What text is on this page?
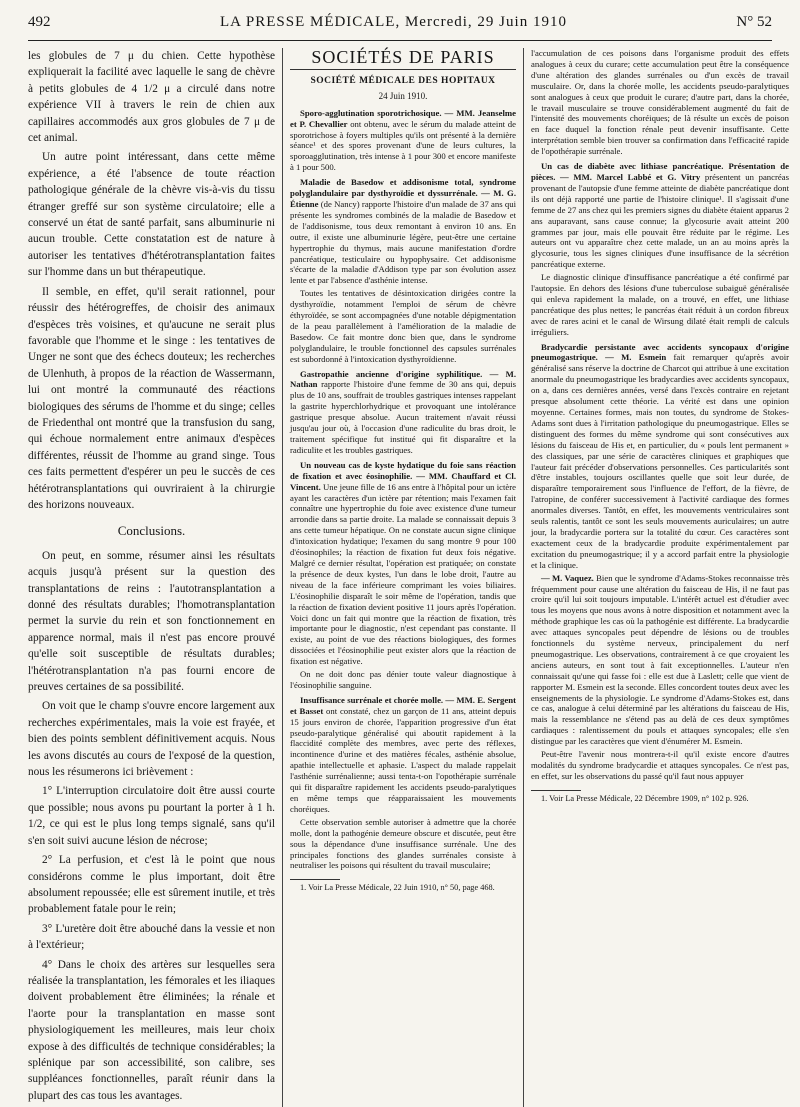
492	LA PRESSE MÉDICALE, Mercredi, 29 Juin 1910	N° 52

les globules de 7 μ du chien. Cette hypothèse expliquerait la facilité avec laquelle le sang de chèvre à petits globules de 4 1/2 μ a circulé dans notre expérience VII à travers le rein de chien aux capillaires accommodés aux gros globules de 7 μ de cet animal.

Un autre point intéressant, dans cette même expérience, a été l'absence de toute réaction pathologique générale de la chèvre vis-à-vis du tissu étranger greffé sur son système circulatoire; elle a conservé un état de santé parfait, sans albuminurie ni aucun trouble. Cette constatation est de nature à autoriser les tentatives d'hétérotransplantation faites sur l'homme dans un but thérapeutique.

Il semble, en effet, qu'il serait rationnel, pour réussir des hétérogreffes, de choisir des animaux d'espèces très voisines, et qu'aucune ne serait plus favorable que l'homme et le singe : les tentatives de Unger ne sont que des échecs douteux; les recherches de Ulenhuth, à propos de la réaction de Wassermann, lui ont montré la communauté des réactions biologiques des sérums de l'homme et du singe; celles de Friedenthal ont montré que la transfusion du sang, qui échoue normalement entre animaux d'espèces différentes, réussit de l'homme au grand singe. Tous ces faits permettent d'espérer un peu le succès de ces hétérotransplantations qui ouvriraient à la chirurgie des horizons nouveaux.

Conclusions.

On peut, en somme, résumer ainsi les résultats acquis jusqu'à présent sur la question des transplantations de reins : l'autotransplantation a donné des résultats durables; l'homotransplantation permet la survie du rein et son fonctionnement en apparence normal, mais il n'est pas encore prouvé qu'elle soit susceptible de résultats durables; l'hétérotransplantation n'a pas fourni encore de preuves certaines de sa possibilité.

On voit que le champ s'ouvre encore largement aux recherches expérimentales, mais la voie est frayée, et bien des points semblent définitivement acquis. Nous les avons discutés au cours de l'exposé de la question, nous les résumerons ici brièvement :

1° L'interruption circulatoire doit être aussi courte que possible; nous avons pu pourtant la porter à 1 h. 1/2, ce qui est le plus long temps signalé, sans qu'il s'en soit suivi aucune lésion de nécrose;

2° La perfusion, et c'est là le point que nous considérons comme le plus important, doit être absolument repoussée; elle est sûrement inutile, et très probablement fatale pour le rein;

3° L'uretère doit être abouché dans la vessie et non à l'extérieur;

4° Dans le choix des artères sur lesquelles sera réalisée la transplantation, les fémorales et les iliaques doivent probablement être éliminées; la rénale et l'aorte pour la transplantation en masse sont physiologiquement les meilleures, mais leur choix expose à des difficultés de technique considérables; la splénique par son accessibilité, son calibre, ses suppléances fonctionnelles, paraît réunir dans la plupart des cas tous les avantages.

SOCIÉTÉS DE PARIS
SOCIÉTÉ MÉDICALE DES HOPITAUX
24 Juin 1910.

Sporo-agglutination sporotrichosique. — MM. Jeanselme et P. Chevallier ont obtenu, avec le sérum du malade atteint de sporotrichose à foyers multiples qu'ils ont présenté à la dernière séance¹ et des spores provenant d'une de leurs cultures, la sporoagglutination, très intense à 1 pour 300 et encore manifeste à 1 pour 500.

Maladie de Basedow et addisonisme total, syndrome polyglandulaire par dysthyroïdie et dyssurrénale. — M. G. Étienne (de Nancy) rapporte l'histoire d'un malade de 37 ans qui présente les syndromes combinés de la maladie de Basedow et de l'addisonisme, tous deux remontant à environ 10 ans. En outre, il existe une albuminurie légère, peut-être une certaine hypertrophie du thymus, mais aucune manifestation d'ordre pancréatique, testiculaire ou hypophysaire. Cet addisonisme s'écarte de la maladie d'Addison type par son évolution assez lente et par l'absence d'asthénie intense.

Toutes les tentatives de désintoxication dirigées contre la dysthyroïdie, notamment l'emploi de sérum de chèvre éthyroïdée, se sont accompagnées d'une notable dépigmentation de la peau parallèlement à l'amélioration de la maladie de Basedow. Ce fait montre donc bien que, dans le syndrome polyglandulaire, le trouble fonctionnel des capsules surrénales est subordonné à l'intoxication dysthyroïdienne.

Gastropathie ancienne d'origine syphilitique. — M. Nathan rapporte l'histoire d'une femme de 30 ans qui, depuis plus de 10 ans, souffrait de troubles gastriques intenses rappelant la gastrite hyperchlorhydrique et provoquant une intolérance gastrique presque absolue. Aucun traitement n'avait réussi jusqu'au jour où, à l'occasion d'une radiculite du bras droit, le traitement spécifique fut institué qui fit disparaître et la radiculite et les troubles gastriques.

Un nouveau cas de kyste hydatique du foie sans réaction de fixation et avec éosinophilie. — MM. Chauffard et Cl. Vincent. Une jeune fille de 16 ans entre à l'hôpital pour un ictère ayant les caractères d'un ictère par rétention; mais l'examen fait connaître une hypertrophie du foie avec existence d'une tumeur arrondie dans sa partie droite. La malade se connaissait depuis 3 ans cette tumeur hépatique. On ne constate aucun signe clinique d'intoxication hydatique; l'examen du sang montre 9 pour 100 d'éosinophiles; la réaction de fixation fut deux fois négative. Malgré ce dernier résultat, l'opération est pratiquée; on constate la présence de deux kystes, l'un dans le lobe droit, l'autre au niveau de la face inférieure comprimant les voies biliaires. L'éosinophilie disparaît le soir même de l'opération, tandis que la réaction de fixation devient positive 11 jours après l'opération. Voici donc un fait qui montre que la réaction de fixation, très importante pour le diagnostic, n'est cependant pas constante. Il existe, au point de vue des réactions biologiques, des formes dissociées et l'éosinophilie peut exister alors que la réaction de fixation est négative.

On ne doit donc pas dénier toute valeur diagnostique à l'éosinophilie sanguine.

Insuffisance surrénale et chorée molle. — MM. E. Sergent et Basset ont constaté, chez un garçon de 11 ans, atteint depuis 15 jours environ de chorée, l'apparition progressive d'un état pseudo-paralytique généralisé qui aboutit rapidement à la flaccidité complète des membres, avec perte des réflexes, incontinence d'urine et des matières fécales, asthénie absolue, apathie intellectuelle et aphasie. L'aspect du malade rappelait l'asthénie surrénalienne; aussi tenta-t-on l'opothérapie surrénale qui fit disparaître rapidement les accidents pseudo-paralytiques en même temps que réapparaissaient les mouvements choréiques.

Cette observation semble autoriser à admettre que la chorée molle, dont la pathogénie demeure obscure et discutée, peut être sous la dépendance d'une insuffisance surrénale. Une des principales fonctions des glandes surrénales consiste à neutraliser les poisons qui résultent du travail musculaire;

1. Voir La Presse Médicale, 22 Juin 1910, n° 50, page 468.

l'accumulation de ces poisons dans l'organisme produit des effets analogues à ceux du curare; cette accumulation peut être la conséquence d'une altération des glandes surrénales ou d'un excès de travail musculaire. Or, dans la chorée molle, les accidents pseudo-paralytiques sont analogues à ceux que produit le curare; d'autre part, dans la chorée, le travail musculaire se trouve considérablement augmenté du fait de l'intensité des mouvements choréiques; de là résulte un excès de poison en face duquel la fonction rénale peut devenir insuffisante. Cette interprétation semble bien trouver sa confirmation dans l'efficacité rapide de l'opothérapie surrénale.

Un cas de diabète avec lithiase pancréatique. Présentation de pièces. — MM. Marcel Labbé et G. Vitry présentent un pancréas provenant de l'autopsie d'une femme atteinte de diabète pancréatique dont ils ont déjà rapporté une partie de l'histoire clinique¹. Il s'agissait d'une femme de 27 ans chez qui les premiers signes du diabète étaient apparus 2 ans auparavant, sans cause connue; la glycosurie avait atteint 200 grammes par jour, mais elle pouvait être réduite par le régime. Les auteurs ont vu apparaître chez cette malade, un an au moins après la glycosurie, tous les signes cliniques d'une insuffisance de la sécrétion pancréatique externe.

Le diagnostic clinique d'insuffisance pancréatique a été confirmé par l'autopsie. En dehors des lésions d'une tuberculose subaiguë généralisée qui enleva rapidement la malade, on a trouvé, en effet, une lithiase pancréatique des plus nettes; le pancréas était réduit à un cordon fibreux avec de rares acini et le canal de Wirsung dilaté était rempli de calculs irréguliers.

Bradycardie persistante avec accidents syncopaux d'origine pneumogastrique. — M. Esmein fait remarquer qu'après avoir généralisé sans réserve la doctrine de Charcot qui attribue à une excitation anormale du pneumogastrique les bradycardies avec accidents syncopaux, on a, dans ces dernières années, versé dans l'excès contraire en rejetant presque absolument cette théorie. La vérité est dans une opinion moyenne. Certaines formes, mais non toutes, du syndrome de Stokes-Adams sont dues à l'irritation pathologique du pneumogastrique. Elles se distinguent des formes du même syndrome qui sont consécutives aux lésions du faisceau de His et, en particulier, du « pouls lent permanent » des classiques, par une série de caractères cliniques et graphiques que l'auteur fait précéder d'observations personnelles. Ces particularités sont d'être instables, toujours oscillantes quelle que soit leur durée, de disparaître temporairement sous l'influence de l'effort, de la fièvre, de l'atropine, de conférer successivement à l'activité cardiaque des formes anormales diverses. Tantôt, en effet, les mouvements ventriculaires sont seuls ralentis, tantôt ce sont les seuls mouvements auriculaires; un autre jour, la bradycardie portera sur la totalité du cœur. Ces caractères sont exactement ceux de la bradycardie produite expérimentalement par excitation du pneumogastrique; il y a accord parfait entre la physiologie et la clinique.

— M. Vaquez. Bien que le syndrome d'Adams-Stokes reconnaisse très fréquemment pour cause une altération du faisceau de His, il ne faut pas croire qu'il lui soit toujours imputable. L'intérêt actuel est d'étudier avec tous les moyens que nous avons à notre disposition et notamment avec la méthode graphique les cas où la pathogénie est différente. La bradycardie avec attaques syncopales peut dépendre de lésions ou de troubles fonctionnels du système nerveux, principalement du nerf pneumogastrique. Les observations, contrairement à ce que croyaient les anciens auteurs, en sont tout à fait exceptionnelles. L'auteur n'en connaissait qu'une qui fasse foi : elle est due à Laslett; celle que vient de rapporter M. Esmein est la seconde. Elles concordent toutes deux avec les enseignements de la physiologie. Le syndrome d'Adams-Stokes est, dans ce cas, analogue à celui déterminé par les altérations du faisceau de His, mais la ressemblance ne s'étend pas au delà de ces deux symptômes cardiaques : ralentissement du pouls et attaques syncopales; elle s'en distingue par les caractères que vient d'énumérer M. Esmein.

Peut-être l'avenir nous montrera-t-il qu'il existe encore d'autres modalités du syndrome bradycardie et attaques syncopales. Ce n'est pas, en effet, sur les observations du passé qu'il faut nous appuyer

1. Voir La Presse Médicale, 22 Décembre 1909, n° 102 p. 926.
